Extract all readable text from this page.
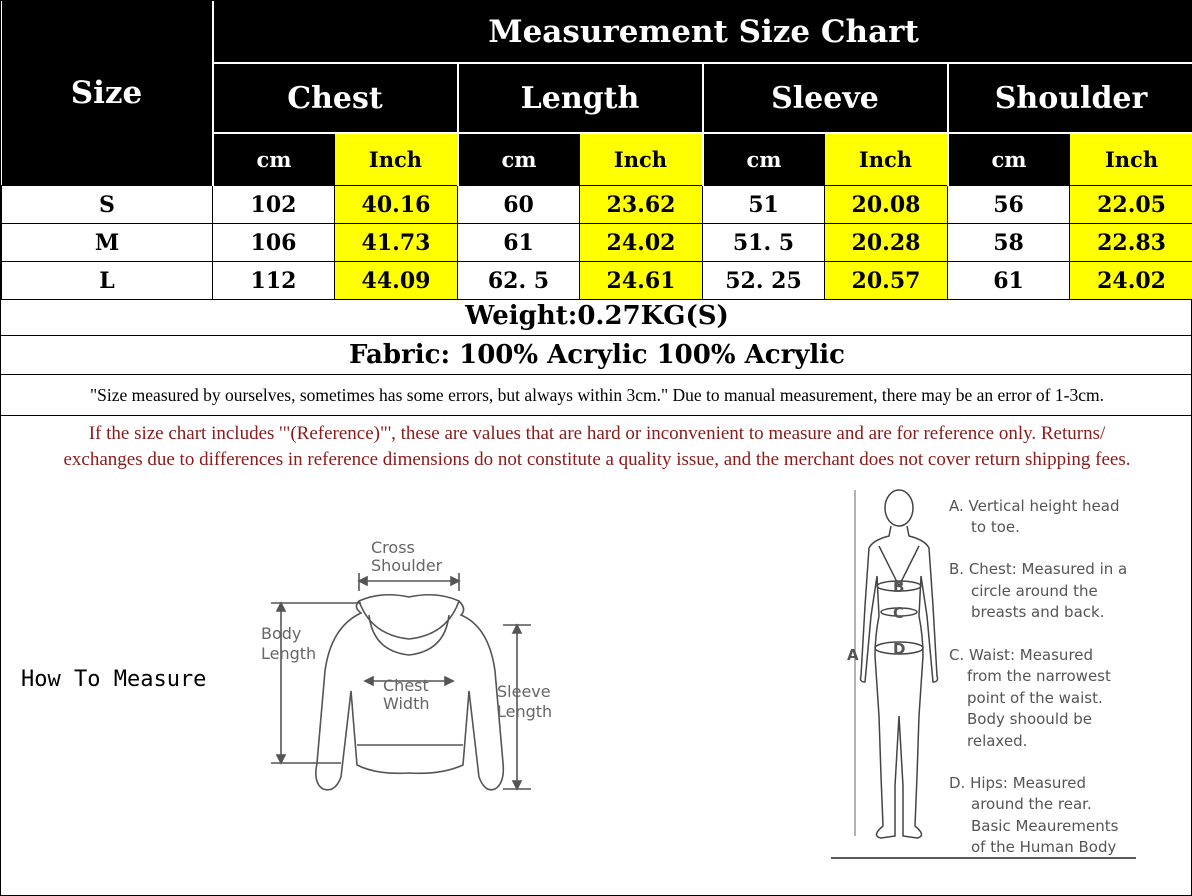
Size	Measurement Size Chart							
	Chest		Length		Sleeve		Shoulder	
	cm	Inch	cm	Inch	cm	Inch	cm	Inch
S	102	40.16	60	23.62	51	20.08	56	22.05
M	106	41.73	61	24.02	51. 5	20.28	58	22.83
L	112	44.09	62. 5	24.61	52. 25	20.57	61	24.02
Weight:0.27KG(S)
Fabric: 100% Acrylic 100% Acrylic
"Size measured by ourselves, sometimes has some errors, but always within 3cm." Due to manual measurement, there may be an error of 1-3cm.
If the size chart includes '"(Reference)"', these are values that are hard or inconvenient to measure and are for reference only. Returns/
exchanges due to differences in reference dimensions do not constitute a quality issue, and the merchant does not cover return shipping fees.
How To Measure
Cross
Shoulder
Body
Length
Chest
Width
Sleeve
Length
B
C
D
A
A. Vertical height head
to toe.
B. Chest: Measured in a
circle around the
breasts and back.
C. Waist: Measured
from the narrowest
point of the waist.
Body shoould be
relaxed.
D. Hips: Measured
around the rear.
Basic Meaurements
of the Human Body
